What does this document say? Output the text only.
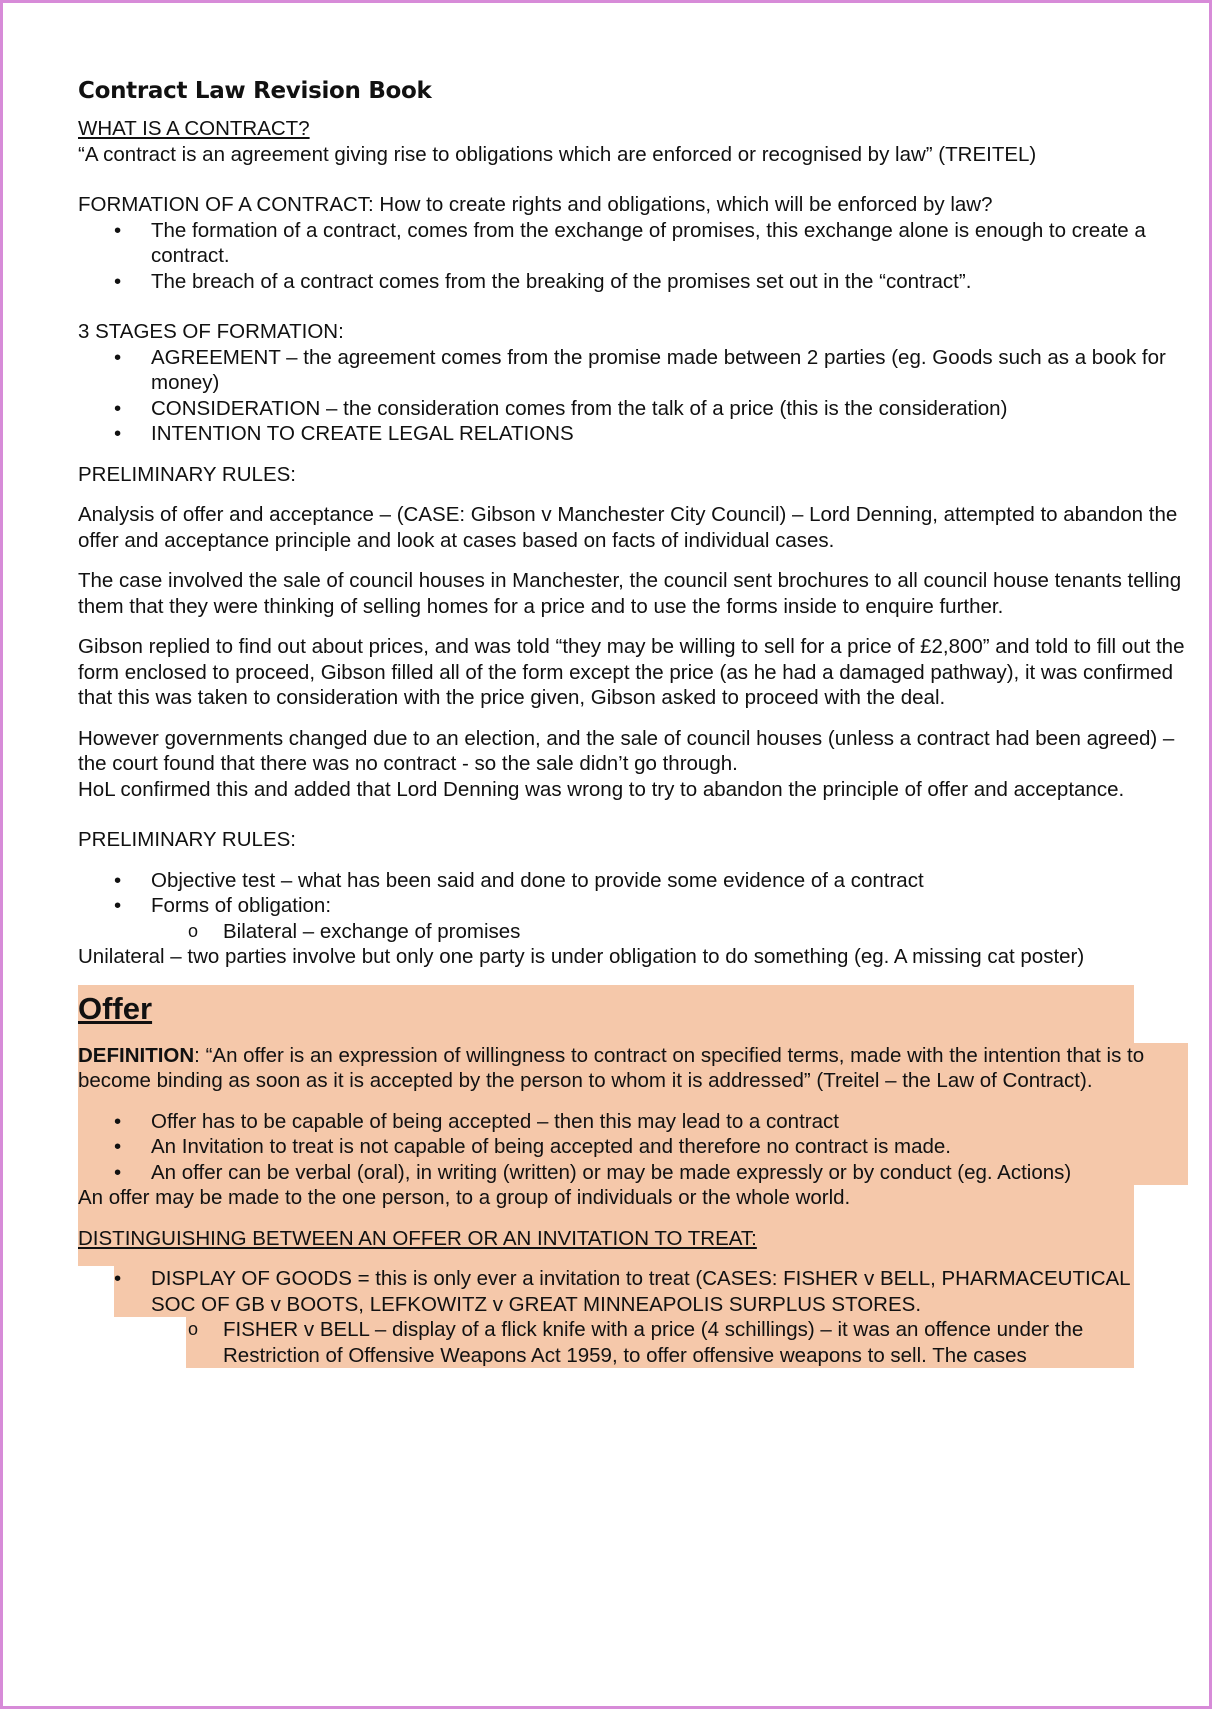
Contract Law Revision Book

WHAT IS A CONTRACT?

“A contract is an agreement giving rise to obligations which are enforced or recognised by law” (TREITEL)

FORMATION OF A CONTRACT: How to create rights and obligations, which will be enforced by law?

• The formation of a contract, comes from the exchange of promises, this exchange alone is enough to create a contract.
• The breach of a contract comes from the breaking of the promises set out in the “contract”.

3 STAGES OF FORMATION:

• AGREEMENT – the agreement comes from the promise made between 2 parties (eg. Goods such as a book for money)
• CONSIDERATION – the consideration comes from the talk of a price (this is the consideration)
• INTENTION TO CREATE LEGAL RELATIONS

PRELIMINARY RULES:

Analysis of offer and acceptance – (CASE: Gibson v Manchester City Council) – Lord Denning, attempted to abandon the offer and acceptance principle and look at cases based on facts of individual cases.

The case involved the sale of council houses in Manchester, the council sent brochures to all council house tenants telling them that they were thinking of selling homes for a price and to use the forms inside to enquire further.

Gibson replied to find out about prices, and was told “they may be willing to sell for a price of £2,800” and told to fill out the form enclosed to proceed, Gibson filled all of the form except the price (as he had a damaged pathway), it was confirmed that this was taken to consideration with the price given, Gibson asked to proceed with the deal.

However governments changed due to an election, and the sale of council houses (unless a contract had been agreed) – the court found that there was no contract - so the sale didn’t go through.

HoL confirmed this and added that Lord Denning was wrong to try to abandon the principle of offer and acceptance.

PRELIMINARY RULES:

• Objective test – what has been said and done to provide some evidence of a contract
• Forms of obligation:
o Bilateral – exchange of promises

Unilateral – two parties involve but only one party is under obligation to do something (eg. A missing cat poster)

Offer

DEFINITION: “An offer is an expression of willingness to contract on specified terms, made with the intention that is to become binding as soon as it is accepted by the person to whom it is addressed” (Treitel – the Law of Contract).

• Offer has to be capable of being accepted – then this may lead to a contract
• An Invitation to treat is not capable of being accepted and therefore no contract is made.
• An offer can be verbal (oral), in writing (written) or may be made expressly or by conduct (eg. Actions)

An offer may be made to the one person, to a group of individuals or the whole world.

DISTINGUISHING BETWEEN AN OFFER OR AN INVITATION TO TREAT:

• DISPLAY OF GOODS = this is only ever a invitation to treat (CASES: FISHER v BELL, PHARMACEUTICAL SOC OF GB v BOOTS, LEFKOWITZ v GREAT MINNEAPOLIS SURPLUS STORES.
o FISHER v BELL – display of a flick knife with a price (4 schillings) – it was an offence under the Restriction of Offensive Weapons Act 1959, to offer offensive weapons to sell. The cases
